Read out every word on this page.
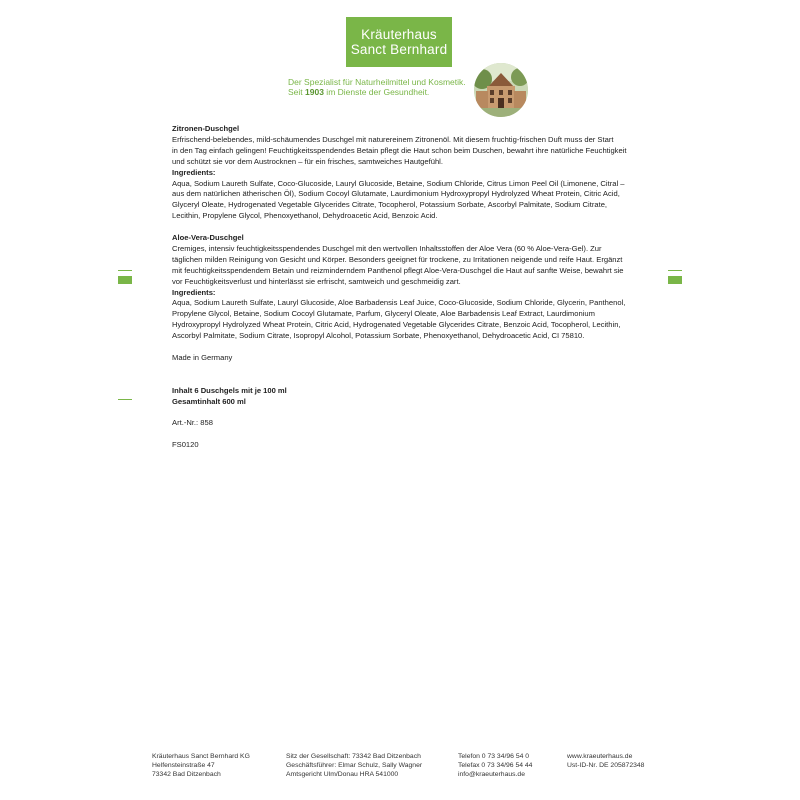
Kräuterhaus
Sanct Bernhard
Der Spezialist für Naturheilmittel und Kosmetik.
Seit 1903 im Dienste der Gesundheit.

Zitronen-Duschgel

Erfrischend-belebendes, mild-schäumendes Duschgel mit naturereinem Zitronenöl. Mit diesem fruchtig-frischen Duft muss der Start

in den Tag einfach gelingen! Feuchtigkeitsspendendes Betain pflegt die Haut schon beim Duschen, bewahrt ihre natürliche Feuchtigkeit und schützt sie vor dem Austrocknen – für ein frisches, samtweiches Hautgefühl.

Ingredients:

Aqua, Sodium Laureth Sulfate, Coco-Glucoside, Lauryl Glucoside, Betaine, Sodium Chloride, Citrus Limon Peel Oil (Limonene, Citral – aus dem natürlichen ätherischen Öl), Sodium Cocoyl Glutamate, Laurdimonium Hydroxypropyl Hydrolyzed Wheat Protein, Citric Acid, Glyceryl Oleate, Hydrogenated Vegetable Glycerides Citrate, Tocopherol, Potassium Sorbate, Ascorbyl Palmitate, Sodium Citrate, Lecithin, Propylene Glycol, Phenoxyethanol, Dehydroacetic Acid, Benzoic Acid.

Aloe-Vera-Duschgel

Cremiges, intensiv feuchtigkeitsspendendes Duschgel mit den wertvollen Inhaltsstoffen der Aloe Vera (60 % Aloe-Vera-Gel). Zur täglichen milden Reinigung von Gesicht und Körper. Besonders geeignet für trockene, zu Irritationen neigende und reife Haut. Ergänzt mit feuchtigkeitsspendendem Betain und reizminderndem Panthenol pflegt Aloe-Vera-Duschgel die Haut auf sanfte Weise, bewahrt sie vor Feuchtigkeitsverlust und hinterlässt sie erfrischt, samtweich und geschmeidig zart.

Ingredients:

Aqua, Sodium Laureth Sulfate, Lauryl Glucoside, Aloe Barbadensis Leaf Juice, Coco-Glucoside, Sodium Chloride, Glycerin, Panthenol, Propylene Glycol, Betaine, Sodium Cocoyl Glutamate, Parfum, Glyceryl Oleate, Aloe Barbadensis Leaf Extract, Laurdimonium Hydroxypropyl Hydrolyzed Wheat Protein, Citric Acid, Hydrogenated Vegetable Glycerides Citrate, Benzoic Acid, Tocopherol, Lecithin, Ascorbyl Palmitate, Sodium Citrate, Isopropyl Alcohol, Potassium Sorbate, Phenoxyethanol, Dehydroacetic Acid, CI 75810.

Made in Germany

Inhalt 6 Duschgels mit je 100 ml

Gesamtinhalt 600 ml

Art.-Nr.: 858

FS0120

Kräuterhaus Sanct Bernhard KG
Helfensteinstraße 47
73342 Bad Ditzenbach
Sitz der Gesellschaft: 73342 Bad Ditzenbach
Geschäftsführer: Elmar Schulz, Sally Wagner
Amtsgericht Ulm/Donau HRA 541000
Telefon 0 73 34/96 54 0
Telefax 0 73 34/96 54 44
info@kraeuterhaus.de
www.kraeuterhaus.de
Ust-ID-Nr. DE 205872348
